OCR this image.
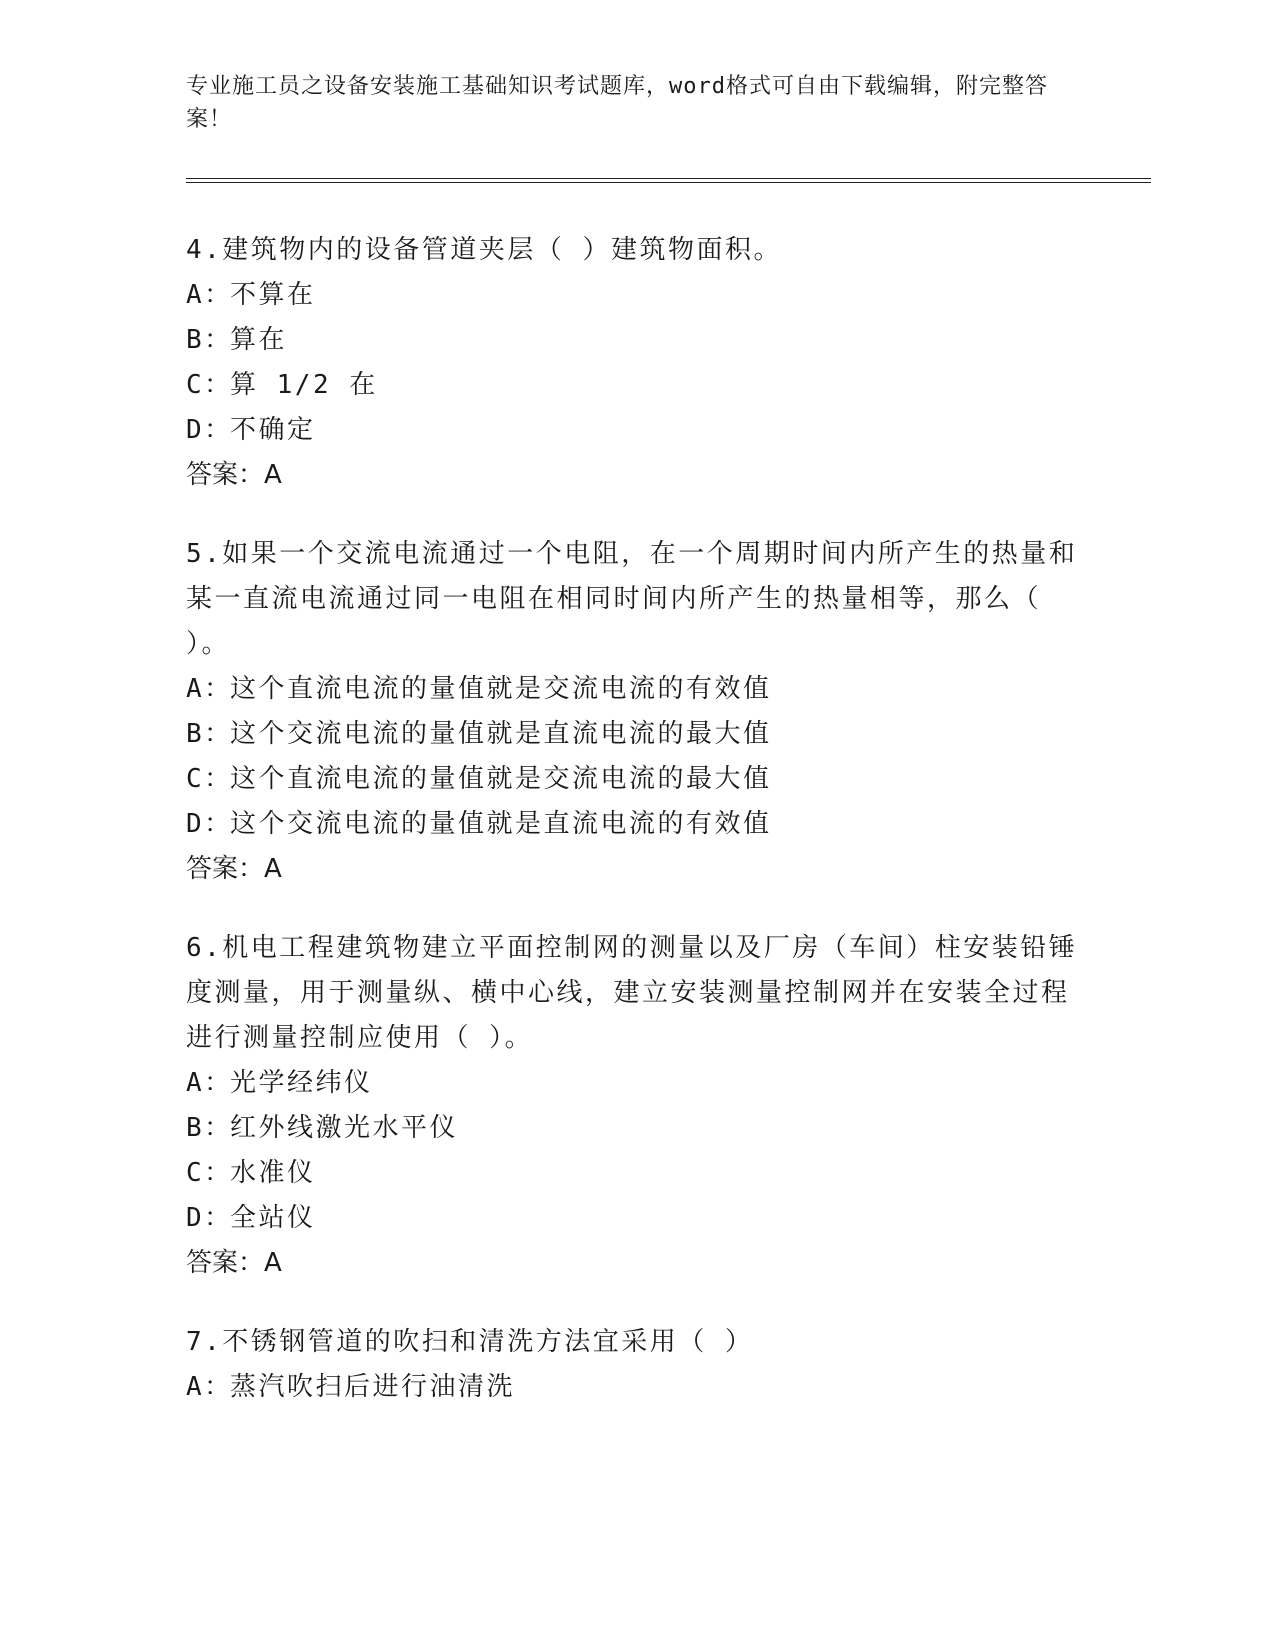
专业施工员之设备安装施工基础知识考试题库，word格式可自由下载编辑，附完整答案！

4.建筑物内的设备管道夹层（ ）建筑物面积。

A：不算在

B：算在

C：算 1/2 在

D：不确定

答案：A

5.如果一个交流电流通过一个电阻，在一个周期时间内所产生的热量和某一直流电流通过同一电阻在相同时间内所产生的热量相等，那么（ ）。

A：这个直流电流的量值就是交流电流的有效值

B：这个交流电流的量值就是直流电流的最大值

C：这个直流电流的量值就是交流电流的最大值

D：这个交流电流的量值就是直流电流的有效值

答案：A

6.机电工程建筑物建立平面控制网的测量以及厂房（车间）柱安装铅锤度测量，用于测量纵、横中心线，建立安装测量控制网并在安装全过程进行测量控制应使用（ ）。

A：光学经纬仪

B：红外线激光水平仪

C：水准仪

D：全站仪

答案：A

7.不锈钢管道的吹扫和清洗方法宜采用（ ）

A：蒸汽吹扫后进行油清洗
